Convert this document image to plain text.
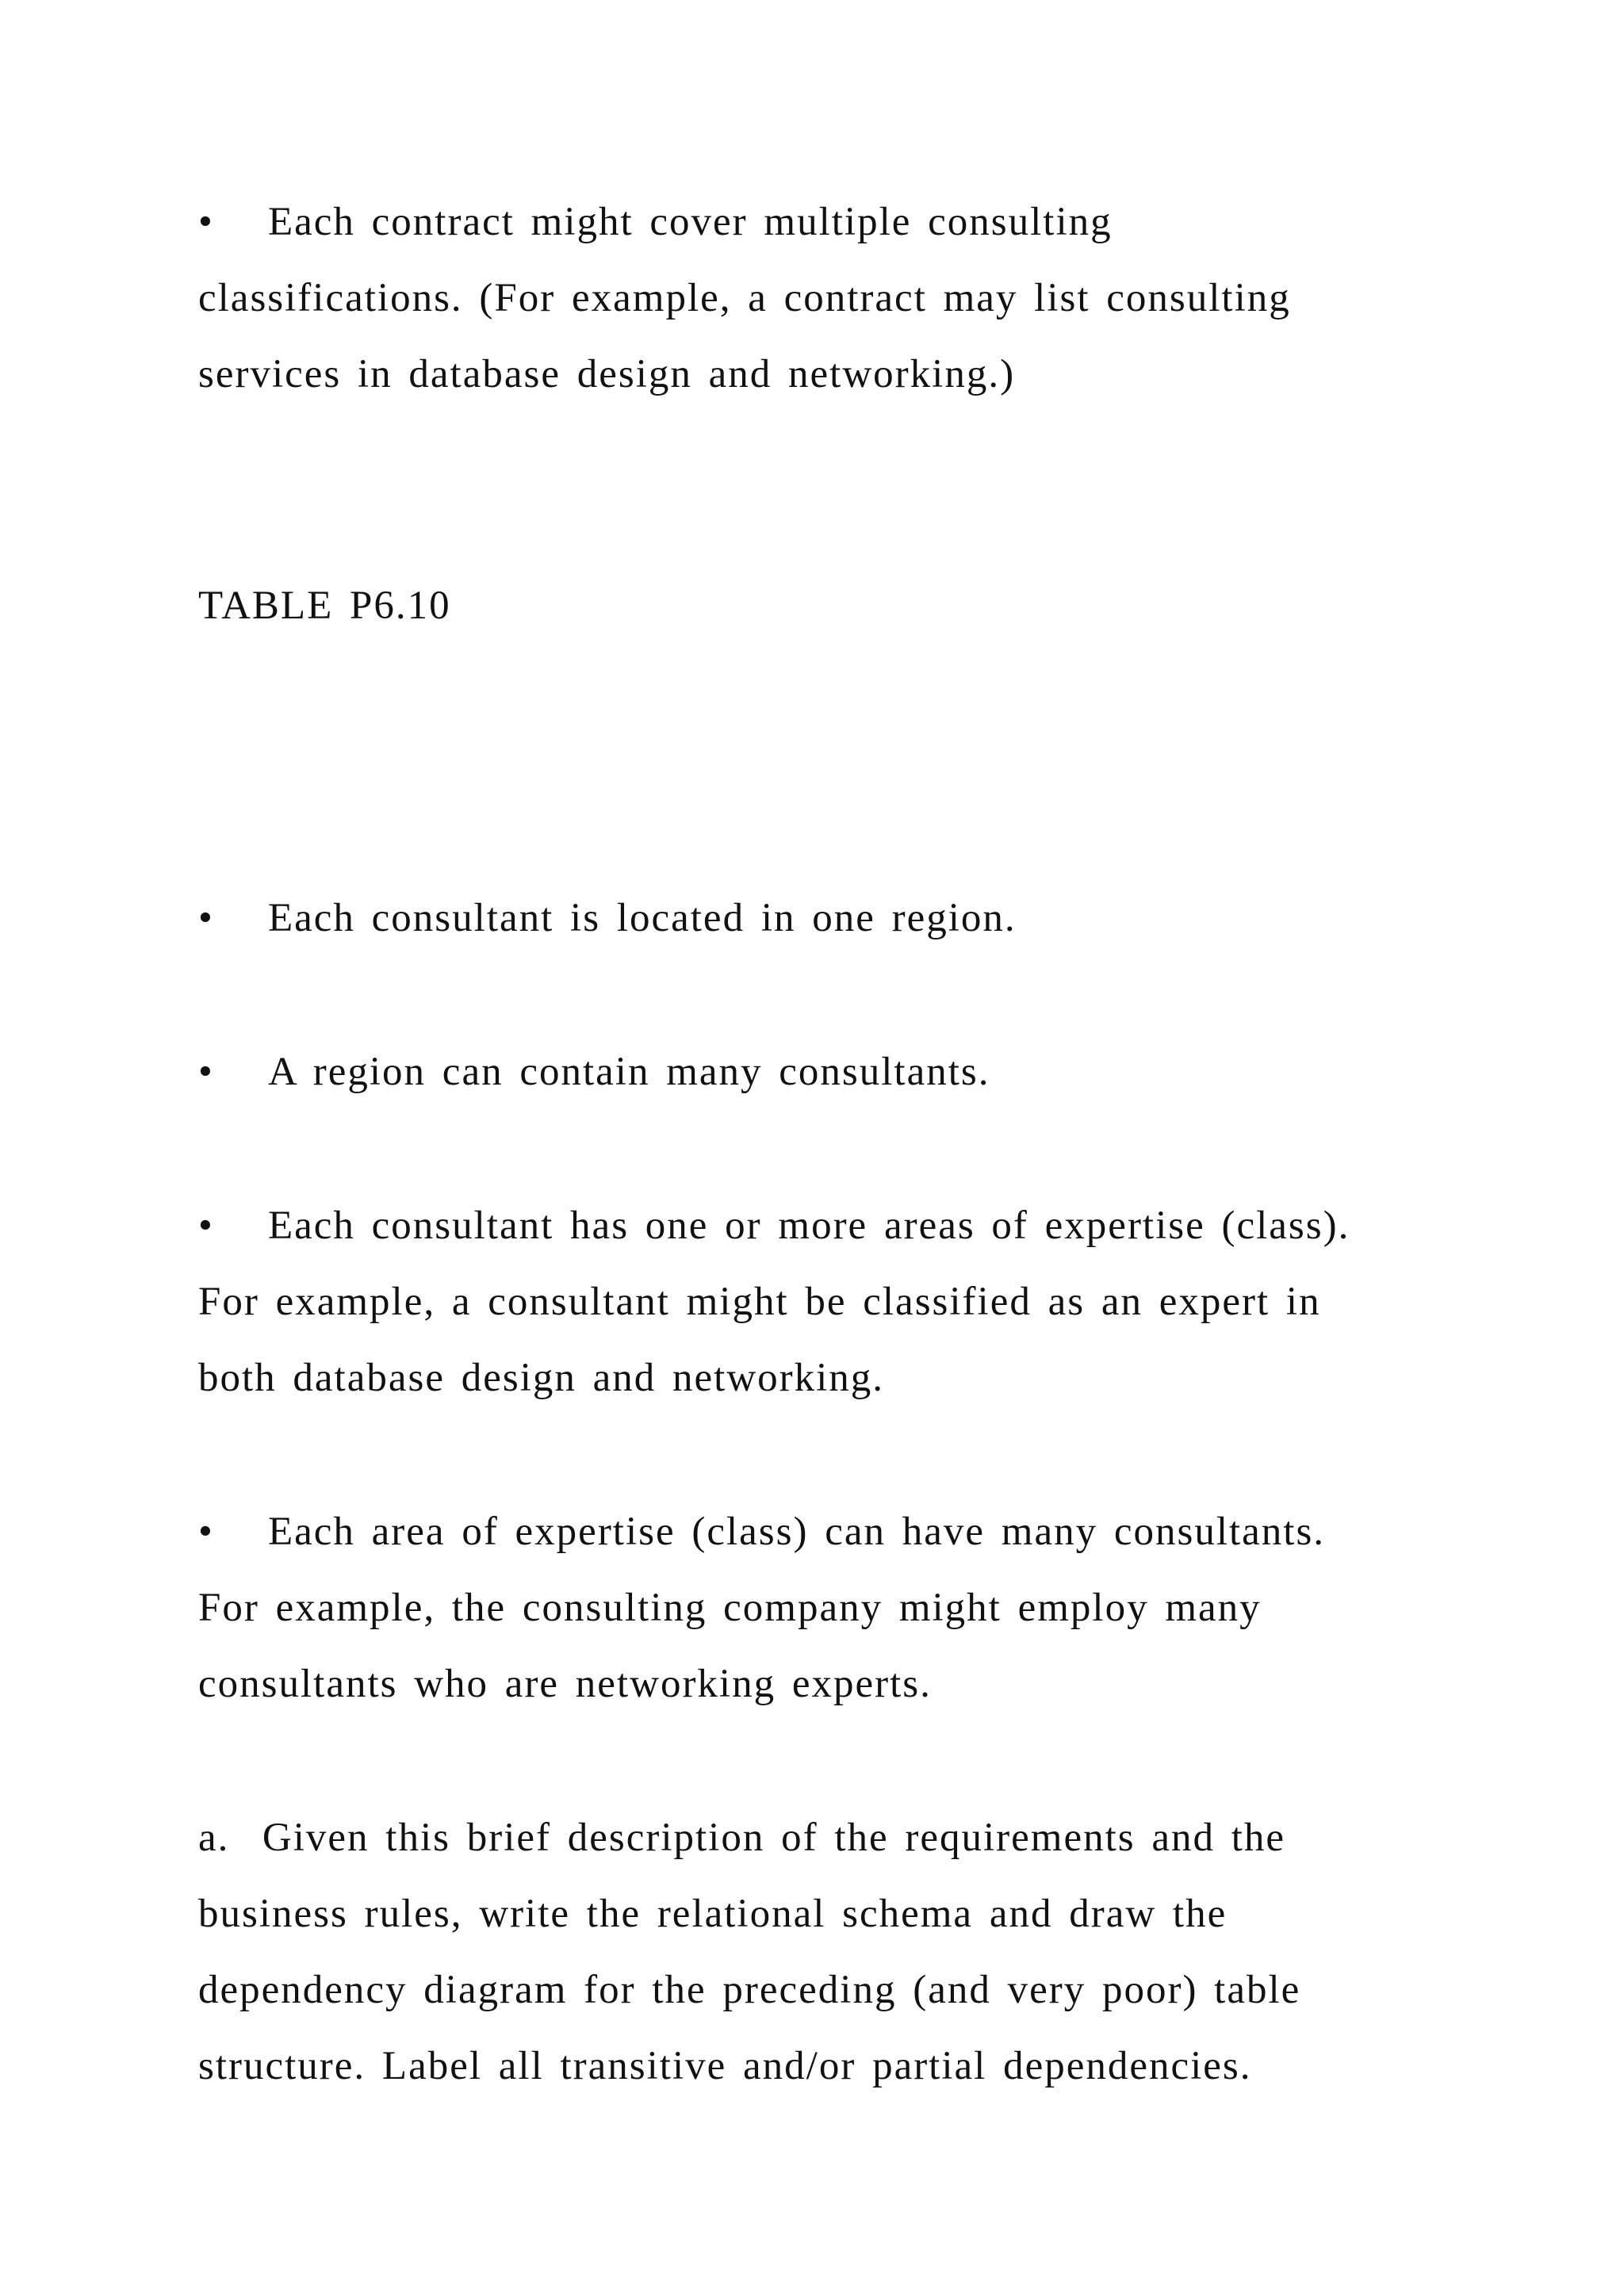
• Each contract might cover multiple consulting
classifications. (For example, a contract may list consulting
services in database design and networking.)
TABLE P6.10
• Each consultant is located in one region.
• A region can contain many consultants.
• Each consultant has one or more areas of expertise (class).
For example, a consultant might be classified as an expert in
both database design and networking.
• Each area of expertise (class) can have many consultants.
For example, the consulting company might employ many
consultants who are networking experts.
a. Given this brief description of the requirements and the
business rules, write the relational schema and draw the
dependency diagram for the preceding (and very poor) table
structure. Label all transitive and/or partial dependencies.
